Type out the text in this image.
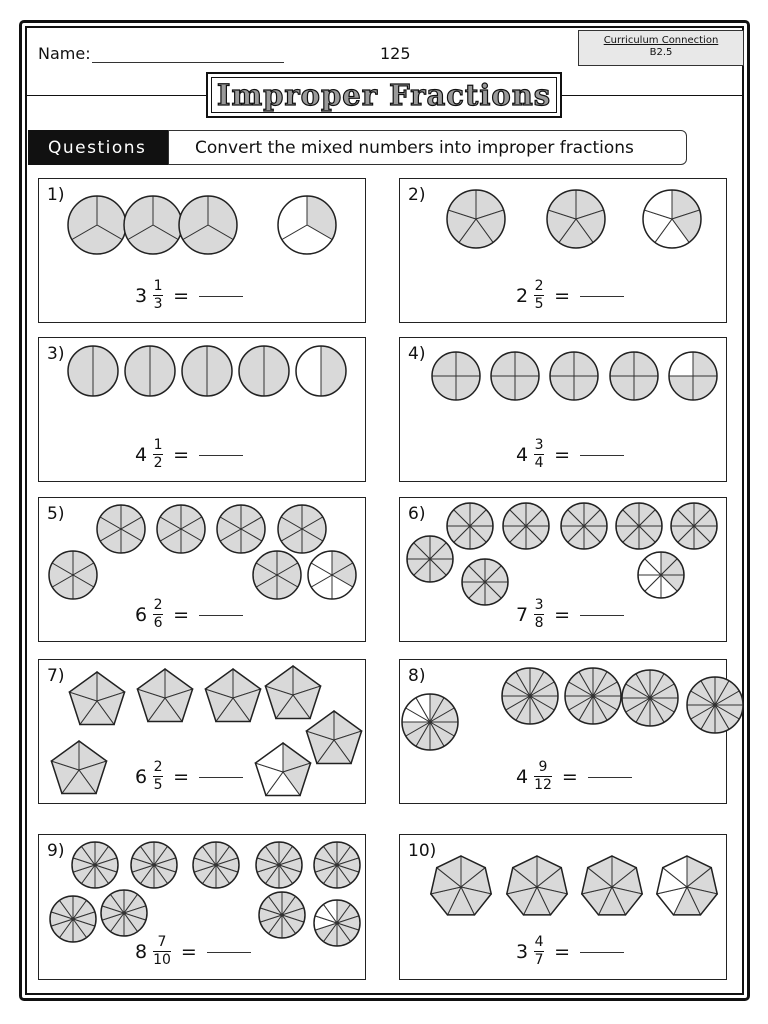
Name:	125
Curriculum Connection
B2.5
Improper Fractions
Questions	Convert the mixed numbers into improper fractions
1)
$3 \frac{1}{3}$ =
2)
$2 \frac{2}{5}$ =
3)
$4 \frac{1}{2}$ =
4)
$4 \frac{3}{4}$ =
5)
$6 \frac{2}{6}$ =
6)
$7 \frac{3}{8}$ =
7)
$6 \frac{2}{5}$ =
8)
$4 \frac{9}{12}$ =
9)
$8 \frac{7}{10}$ =
10)
$3 \frac{4}{7}$ =
